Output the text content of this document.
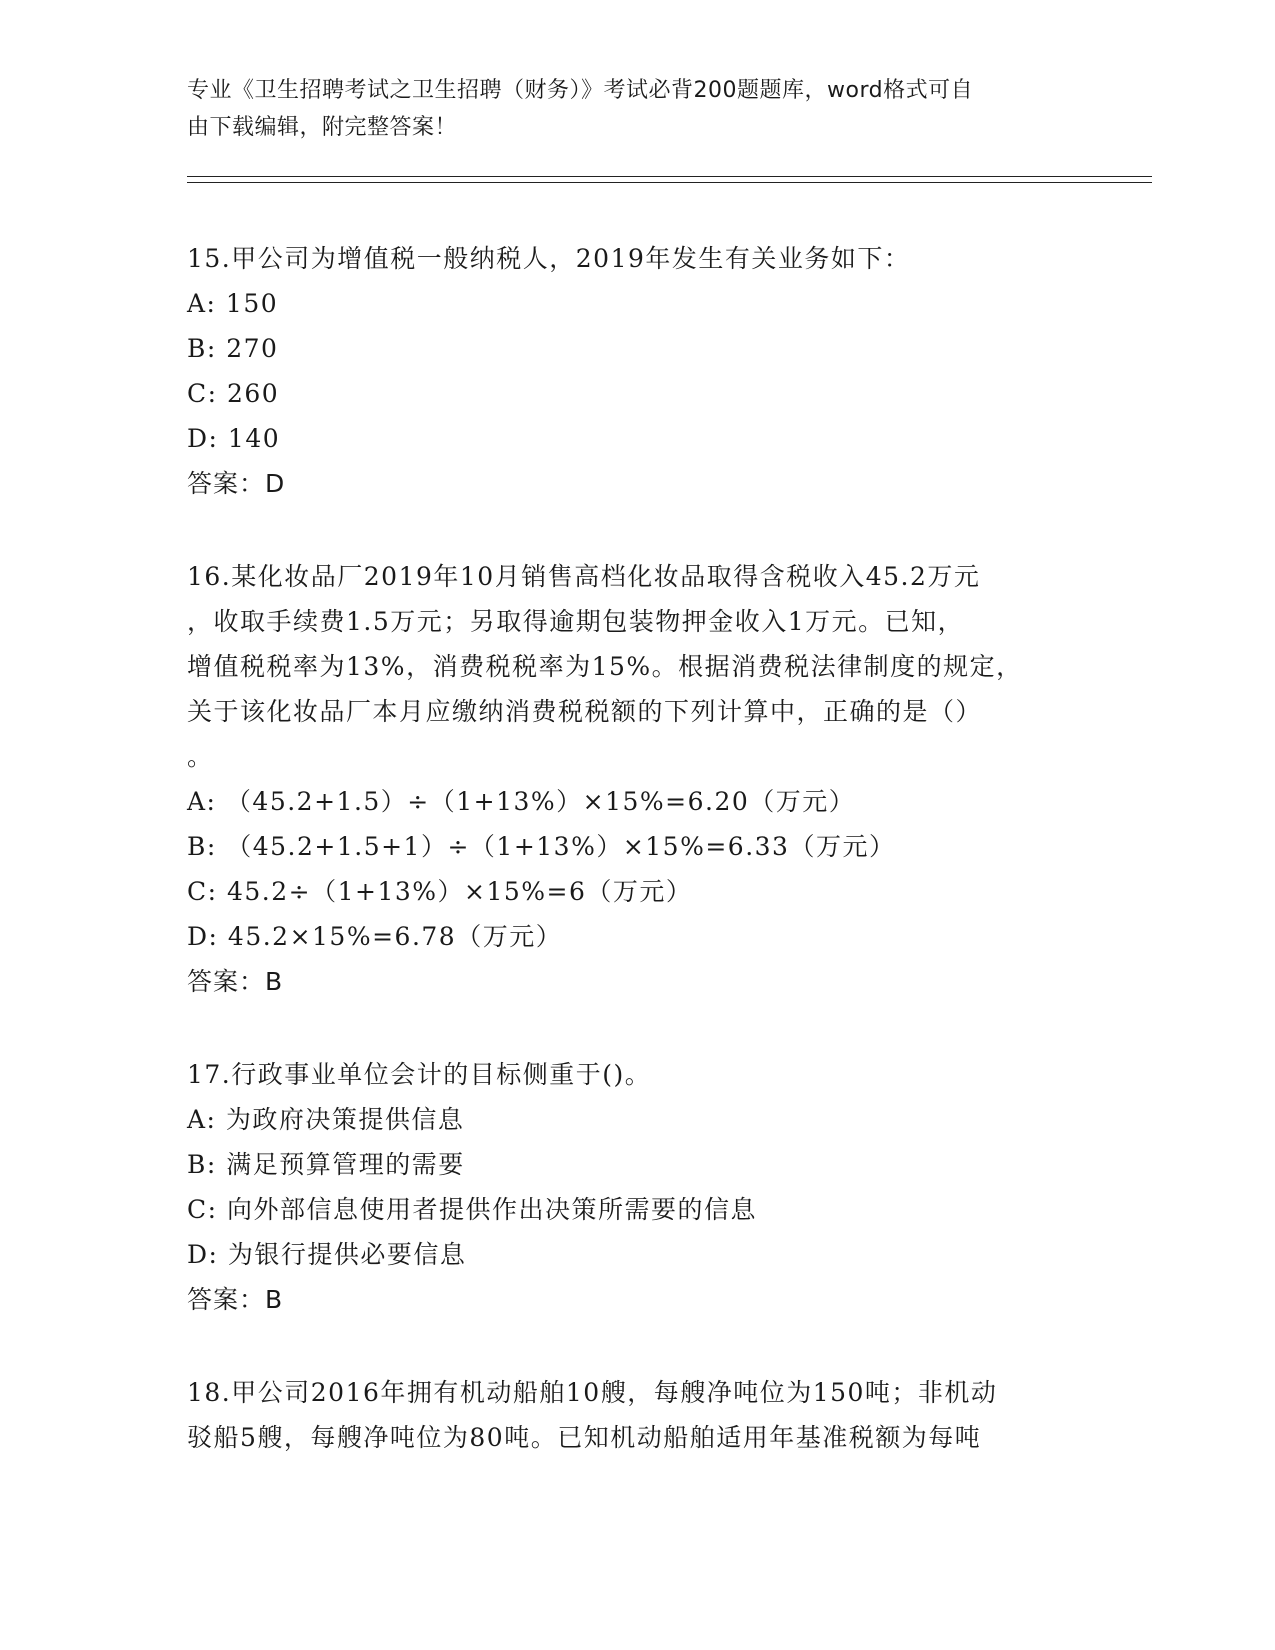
专业《卫生招聘考试之卫生招聘（财务）》考试必背200题题库，word格式可自
由下载编辑，附完整答案！
15.甲公司为增值税一般纳税人，2019年发生有关业务如下：
A: 150
B: 270
C: 260
D: 140
答案：D
16.某化妆品厂2019年10月销售高档化妆品取得含税收入45.2万元
，收取手续费1.5万元；另取得逾期包装物押金收入1万元。已知，
增值税税率为13%，消费税税率为15%。根据消费税法律制度的规定，
关于该化妆品厂本月应缴纳消费税税额的下列计算中，正确的是（）
。
A: （45.2+1.5）÷（1+13%）×15%=6.20（万元）
B: （45.2+1.5+1）÷（1+13%）×15%=6.33（万元）
C: 45.2÷（1+13%）×15%=6（万元）
D: 45.2×15%=6.78（万元）
答案：B
17.行政事业单位会计的目标侧重于()。
A: 为政府决策提供信息
B: 满足预算管理的需要
C: 向外部信息使用者提供作出决策所需要的信息
D: 为银行提供必要信息
答案：B
18.甲公司2016年拥有机动船舶10艘，每艘净吨位为150吨；非机动
驳船5艘，每艘净吨位为80吨。已知机动船舶适用年基准税额为每吨
